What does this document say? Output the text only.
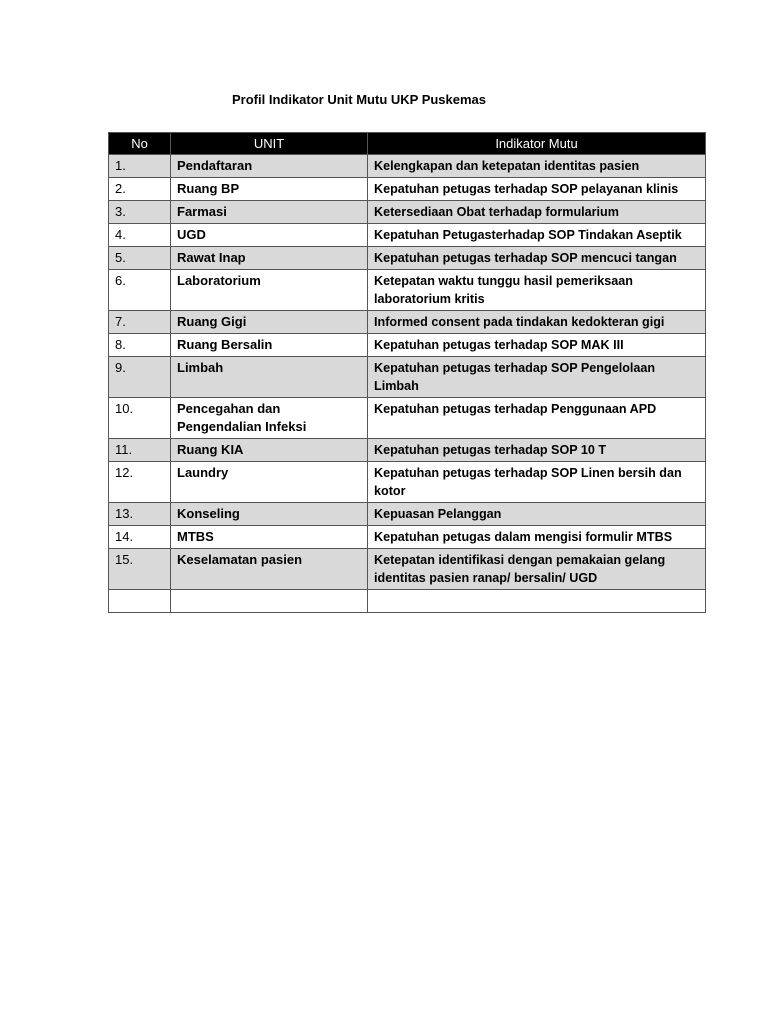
Profil Indikator Unit Mutu UKP Puskemas
No	UNIT	Indikator Mutu
1.	Pendaftaran	Kelengkapan dan ketepatan identitas pasien
2.	Ruang BP	Kepatuhan petugas terhadap SOP pelayanan klinis
3.	Farmasi	Ketersediaan Obat terhadap formularium
4.	UGD	Kepatuhan Petugasterhadap SOP Tindakan Aseptik
5.	Rawat Inap	Kepatuhan petugas terhadap SOP mencuci tangan
6.	Laboratorium	Ketepatan waktu tunggu hasil pemeriksaan laboratorium kritis
7.	Ruang Gigi	Informed consent pada tindakan kedokteran gigi
8.	Ruang Bersalin	Kepatuhan petugas terhadap SOP MAK III
9.	Limbah	Kepatuhan petugas terhadap SOP Pengelolaan Limbah
10.	Pencegahan dan Pengendalian Infeksi	Kepatuhan petugas terhadap Penggunaan APD
11.	Ruang KIA	Kepatuhan petugas terhadap SOP 10 T
12.	Laundry	Kepatuhan petugas terhadap SOP Linen bersih dan kotor
13.	Konseling	Kepuasan Pelanggan
14.	MTBS	Kepatuhan petugas dalam mengisi formulir MTBS
15.	Keselamatan pasien	Ketepatan identifikasi dengan pemakaian gelang identitas pasien ranap/ bersalin/ UGD
